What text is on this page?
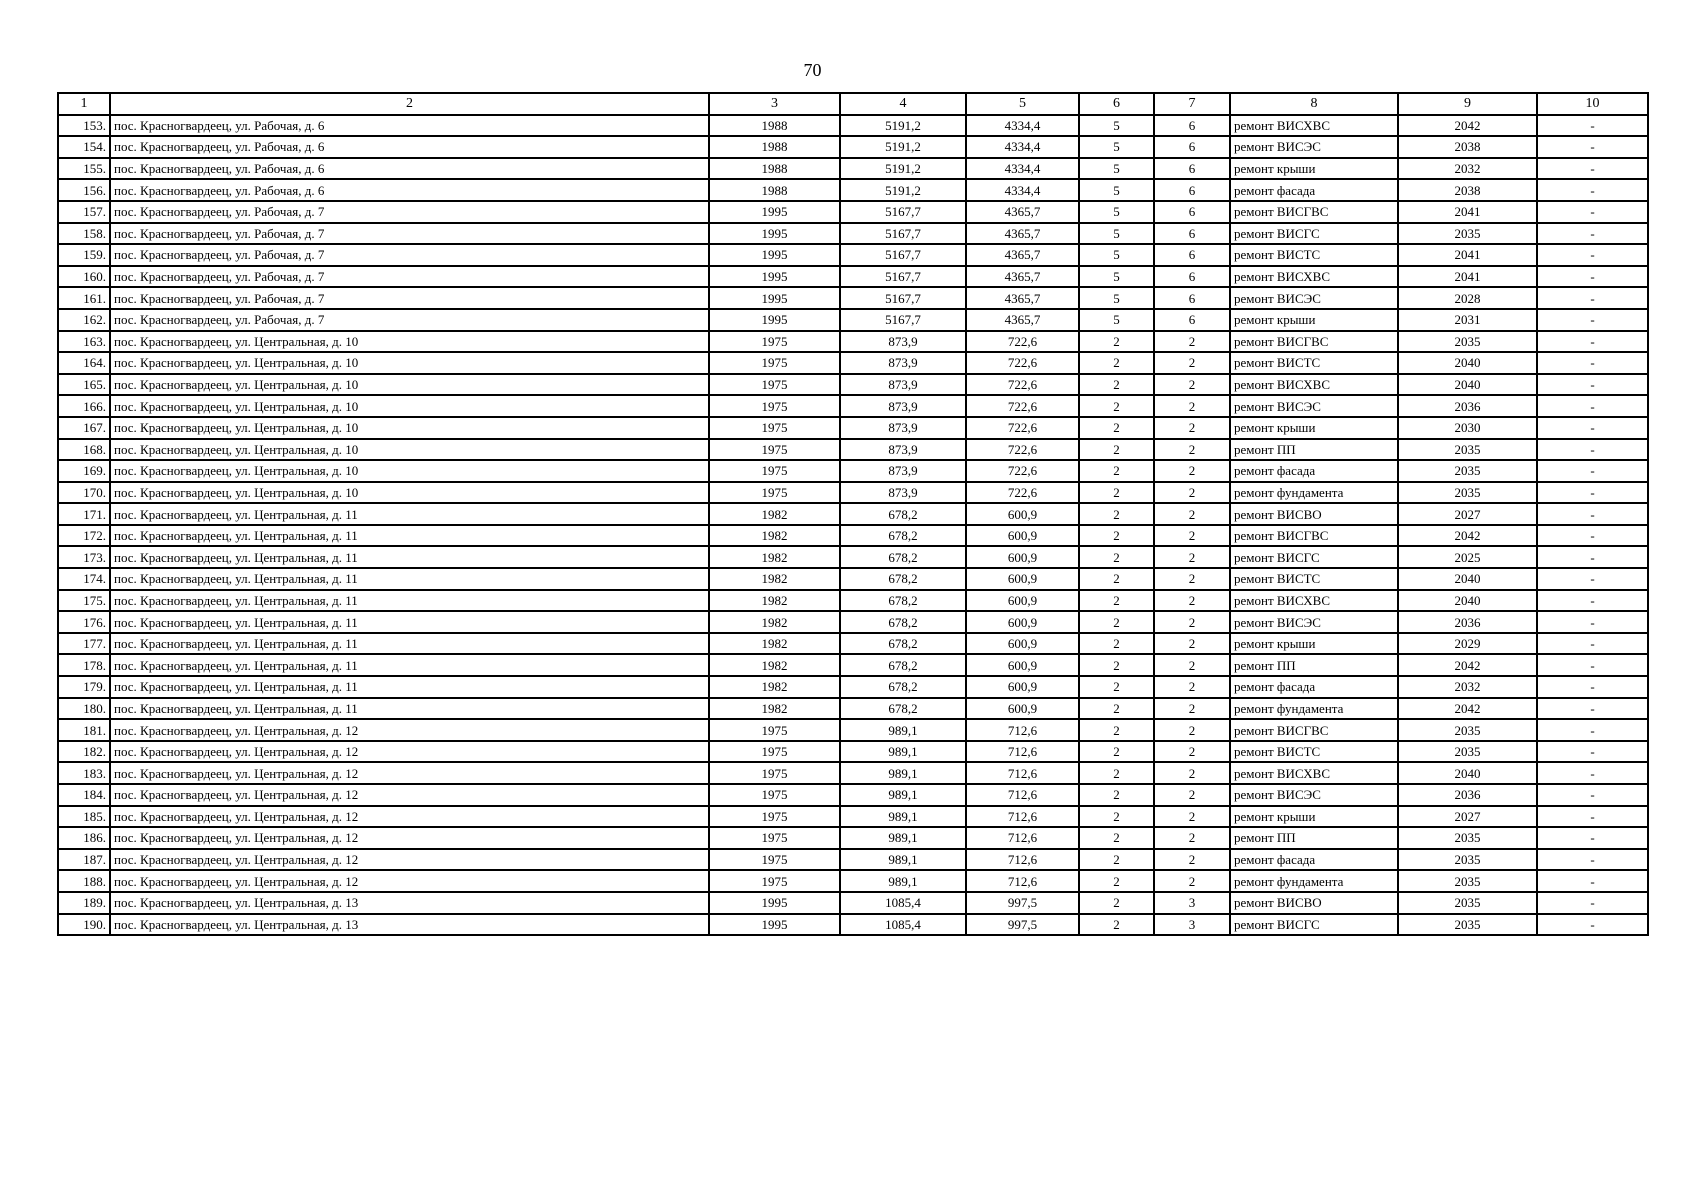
70
1	2	3	4	5	6	7	8	9	10
153.	пос. Красногвардеец, ул. Рабочая, д. 6	1988	5191,2	4334,4	5	6	ремонт ВИСХВС	2042	-
154.	пос. Красногвардеец, ул. Рабочая, д. 6	1988	5191,2	4334,4	5	6	ремонт ВИСЭС	2038	-
155.	пос. Красногвардеец, ул. Рабочая, д. 6	1988	5191,2	4334,4	5	6	ремонт крыши	2032	-
156.	пос. Красногвардеец, ул. Рабочая, д. 6	1988	5191,2	4334,4	5	6	ремонт фасада	2038	-
157.	пос. Красногвардеец, ул. Рабочая, д. 7	1995	5167,7	4365,7	5	6	ремонт ВИСГВС	2041	-
158.	пос. Красногвардеец, ул. Рабочая, д. 7	1995	5167,7	4365,7	5	6	ремонт ВИСГС	2035	-
159.	пос. Красногвардеец, ул. Рабочая, д. 7	1995	5167,7	4365,7	5	6	ремонт ВИСТС	2041	-
160.	пос. Красногвардеец, ул. Рабочая, д. 7	1995	5167,7	4365,7	5	6	ремонт ВИСХВС	2041	-
161.	пос. Красногвардеец, ул. Рабочая, д. 7	1995	5167,7	4365,7	5	6	ремонт ВИСЭС	2028	-
162.	пос. Красногвардеец, ул. Рабочая, д. 7	1995	5167,7	4365,7	5	6	ремонт крыши	2031	-
163.	пос. Красногвардеец, ул. Центральная, д. 10	1975	873,9	722,6	2	2	ремонт ВИСГВС	2035	-
164.	пос. Красногвардеец, ул. Центральная, д. 10	1975	873,9	722,6	2	2	ремонт ВИСТС	2040	-
165.	пос. Красногвардеец, ул. Центральная, д. 10	1975	873,9	722,6	2	2	ремонт ВИСХВС	2040	-
166.	пос. Красногвардеец, ул. Центральная, д. 10	1975	873,9	722,6	2	2	ремонт ВИСЭС	2036	-
167.	пос. Красногвардеец, ул. Центральная, д. 10	1975	873,9	722,6	2	2	ремонт крыши	2030	-
168.	пос. Красногвардеец, ул. Центральная, д. 10	1975	873,9	722,6	2	2	ремонт ПП	2035	-
169.	пос. Красногвардеец, ул. Центральная, д. 10	1975	873,9	722,6	2	2	ремонт фасада	2035	-
170.	пос. Красногвардеец, ул. Центральная, д. 10	1975	873,9	722,6	2	2	ремонт фундамента	2035	-
171.	пос. Красногвардеец, ул. Центральная, д. 11	1982	678,2	600,9	2	2	ремонт ВИСВО	2027	-
172.	пос. Красногвардеец, ул. Центральная, д. 11	1982	678,2	600,9	2	2	ремонт ВИСГВС	2042	-
173.	пос. Красногвардеец, ул. Центральная, д. 11	1982	678,2	600,9	2	2	ремонт ВИСГС	2025	-
174.	пос. Красногвардеец, ул. Центральная, д. 11	1982	678,2	600,9	2	2	ремонт ВИСТС	2040	-
175.	пос. Красногвардеец, ул. Центральная, д. 11	1982	678,2	600,9	2	2	ремонт ВИСХВС	2040	-
176.	пос. Красногвардеец, ул. Центральная, д. 11	1982	678,2	600,9	2	2	ремонт ВИСЭС	2036	-
177.	пос. Красногвардеец, ул. Центральная, д. 11	1982	678,2	600,9	2	2	ремонт крыши	2029	-
178.	пос. Красногвардеец, ул. Центральная, д. 11	1982	678,2	600,9	2	2	ремонт ПП	2042	-
179.	пос. Красногвардеец, ул. Центральная, д. 11	1982	678,2	600,9	2	2	ремонт фасада	2032	-
180.	пос. Красногвардеец, ул. Центральная, д. 11	1982	678,2	600,9	2	2	ремонт фундамента	2042	-
181.	пос. Красногвардеец, ул. Центральная, д. 12	1975	989,1	712,6	2	2	ремонт ВИСГВС	2035	-
182.	пос. Красногвардеец, ул. Центральная, д. 12	1975	989,1	712,6	2	2	ремонт ВИСТС	2035	-
183.	пос. Красногвардеец, ул. Центральная, д. 12	1975	989,1	712,6	2	2	ремонт ВИСХВС	2040	-
184.	пос. Красногвардеец, ул. Центральная, д. 12	1975	989,1	712,6	2	2	ремонт ВИСЭС	2036	-
185.	пос. Красногвардеец, ул. Центральная, д. 12	1975	989,1	712,6	2	2	ремонт крыши	2027	-
186.	пос. Красногвардеец, ул. Центральная, д. 12	1975	989,1	712,6	2	2	ремонт ПП	2035	-
187.	пос. Красногвардеец, ул. Центральная, д. 12	1975	989,1	712,6	2	2	ремонт фасада	2035	-
188.	пос. Красногвардеец, ул. Центральная, д. 12	1975	989,1	712,6	2	2	ремонт фундамента	2035	-
189.	пос. Красногвардеец, ул. Центральная, д. 13	1995	1085,4	997,5	2	3	ремонт ВИСВО	2035	-
190.	пос. Красногвардеец, ул. Центральная, д. 13	1995	1085,4	997,5	2	3	ремонт ВИСГС	2035	-
